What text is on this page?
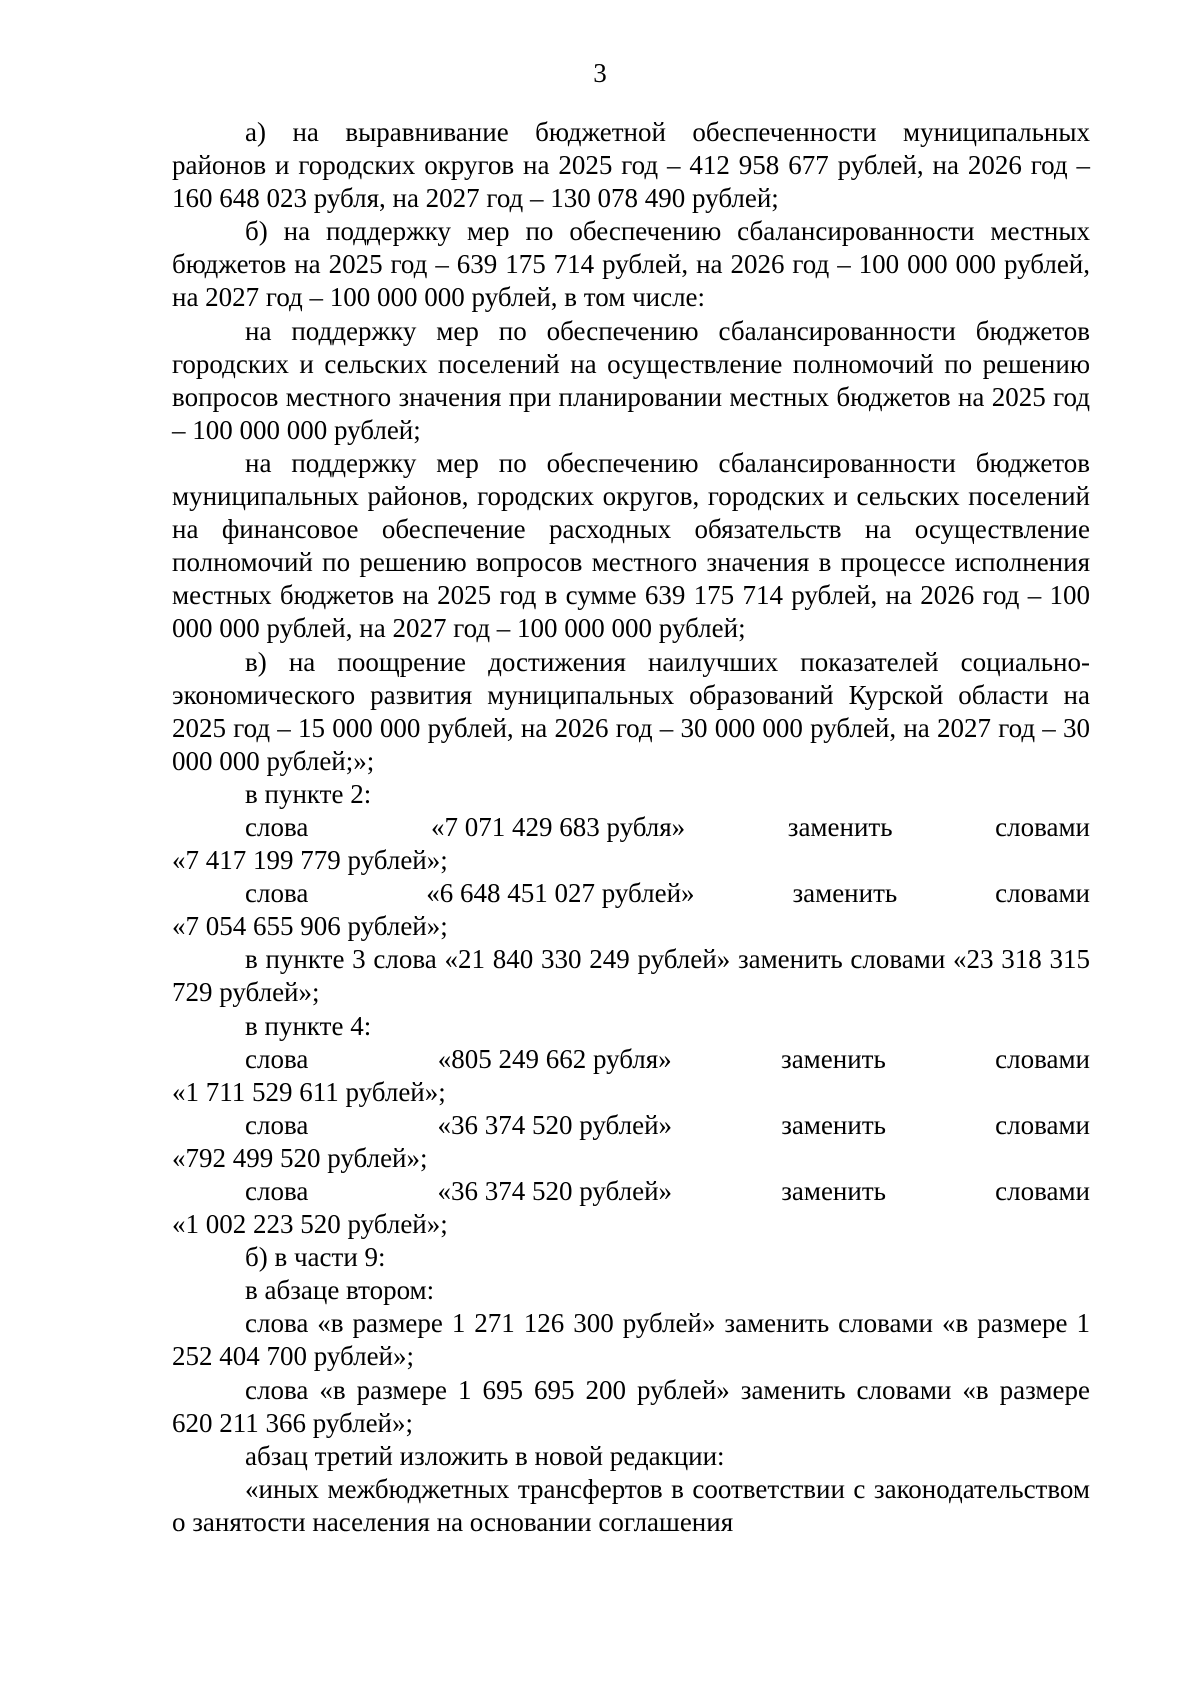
3

а) на выравнивание бюджетной обеспеченности муниципальных районов и городских округов на 2025 год – 412 958 677 рублей, на 2026 год – 160 648 023 рубля, на 2027 год – 130 078 490 рублей;

б) на поддержку мер по обеспечению сбалансированности местных бюджетов на 2025 год – 639 175 714 рублей, на 2026 год – 100 000 000 рублей, на 2027 год – 100 000 000 рублей, в том числе:

на поддержку мер по обеспечению сбалансированности бюджетов городских и сельских поселений на осуществление полномочий по решению вопросов местного значения при планировании местных бюджетов на 2025 год – 100 000 000 рублей;

на поддержку мер по обеспечению сбалансированности бюджетов муниципальных районов, городских округов, городских и сельских поселений на финансовое обеспечение расходных обязательств на осуществление полномочий по решению вопросов местного значения в процессе исполнения местных бюджетов на 2025 год в сумме 639 175 714 рублей, на 2026 год – 100 000 000 рублей, на 2027 год – 100 000 000 рублей;

в) на поощрение достижения наилучших показателей социально-экономического развития муниципальных образований Курской области на 2025 год – 15 000 000 рублей, на 2026 год – 30 000 000 рублей, на 2027 год – 30 000 000 рублей;»;

в пункте 2:

слова	«7 071 429 683 рубля»	заменить	словами

«7 417 199 779 рублей»;

слова	«6 648 451 027 рублей»	заменить	словами

«7 054 655 906 рублей»;

в пункте 3 слова «21 840 330 249 рублей» заменить словами «23 318 315 729 рублей»;

в пункте 4:

слова	«805 249 662 рубля»	заменить	словами

«1 711 529 611 рублей»;

слова	«36 374 520 рублей»	заменить	словами

«792 499 520 рублей»;

слова	«36 374 520 рублей»	заменить	словами

«1 002 223 520 рублей»;

б) в части 9:

в абзаце втором:

слова «в размере 1 271 126 300 рублей» заменить словами «в размере 1 252 404 700 рублей»;

слова «в размере 1 695 695 200 рублей» заменить словами «в размере 620 211 366 рублей»;

абзац третий изложить в новой редакции:

«иных межбюджетных трансфертов в соответствии с законодательством о занятости населения на основании соглашения
